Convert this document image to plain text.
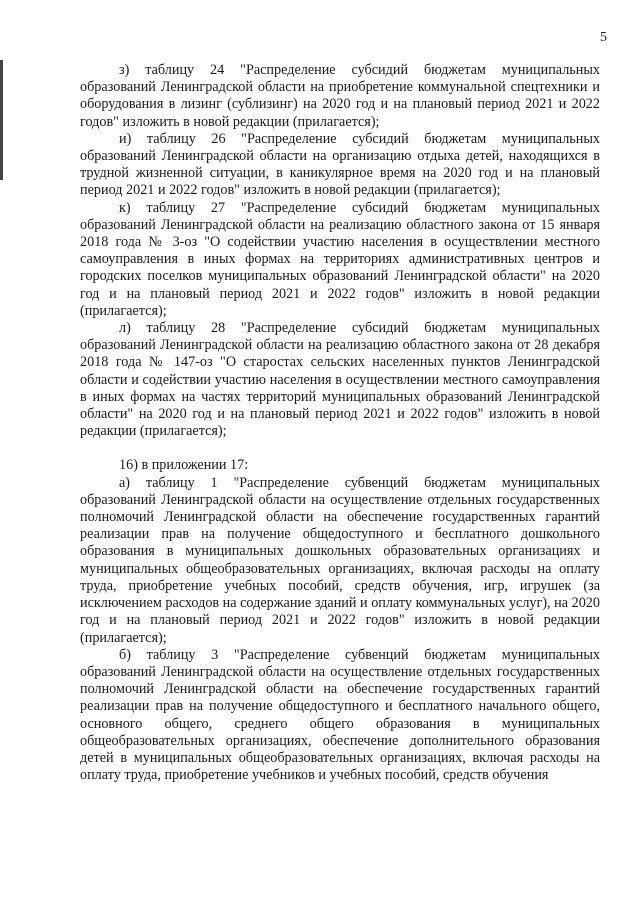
5

з) таблицу 24 "Распределение субсидий бюджетам муниципальных образований Ленинградской области на приобретение коммунальной спецтехники и оборудования в лизинг (сублизинг) на 2020 год и на плановый период 2021 и 2022 годов" изложить в новой редакции (прилагается);

и) таблицу 26 "Распределение субсидий бюджетам муниципальных образований Ленинградской области на организацию отдыха детей, находящихся в трудной жизненной ситуации, в каникулярное время на 2020 год и на плановый период 2021 и 2022 годов" изложить в новой редакции (прилагается);

к) таблицу 27 "Распределение субсидий бюджетам муниципальных образований Ленинградской области на реализацию областного закона от 15 января 2018 года № 3-оз "О содействии участию населения в осуществлении местного самоуправления в иных формах на территориях административных центров и городских поселков муниципальных образований Ленинградской области" на 2020 год и на плановый период 2021 и 2022 годов" изложить в новой редакции (прилагается);

л) таблицу 28 "Распределение субсидий бюджетам муниципальных образований Ленинградской области на реализацию областного закона от 28 декабря 2018 года № 147-оз "О старостах сельских населенных пунктов Ленинградской области и содействии участию населения в осуществлении местного самоуправления в иных формах на частях территорий муниципальных образований Ленинградской области" на 2020 год и на плановый период 2021 и 2022 годов" изложить в новой редакции (прилагается);

16) в приложении 17:

а) таблицу 1 "Распределение субвенций бюджетам муниципальных образований Ленинградской области на осуществление отдельных государственных полномочий Ленинградской области на обеспечение государственных гарантий реализации прав на получение общедоступного и бесплатного дошкольного образования в муниципальных дошкольных образовательных организациях и муниципальных общеобразовательных организациях, включая расходы на оплату труда, приобретение учебных пособий, средств обучения, игр, игрушек (за исключением расходов на содержание зданий и оплату коммунальных услуг), на 2020 год и на плановый период 2021 и 2022 годов" изложить в новой редакции (прилагается);

б) таблицу 3 "Распределение субвенций бюджетам муниципальных образований Ленинградской области на осуществление отдельных государственных полномочий Ленинградской области на обеспечение государственных гарантий реализации прав на получение общедоступного и бесплатного начального общего, основного общего, среднего общего образования в муниципальных общеобразовательных организациях, обеспечение дополнительного образования детей в муниципальных общеобразовательных организациях, включая расходы на оплату труда, приобретение учебников и учебных пособий, средств обучения
